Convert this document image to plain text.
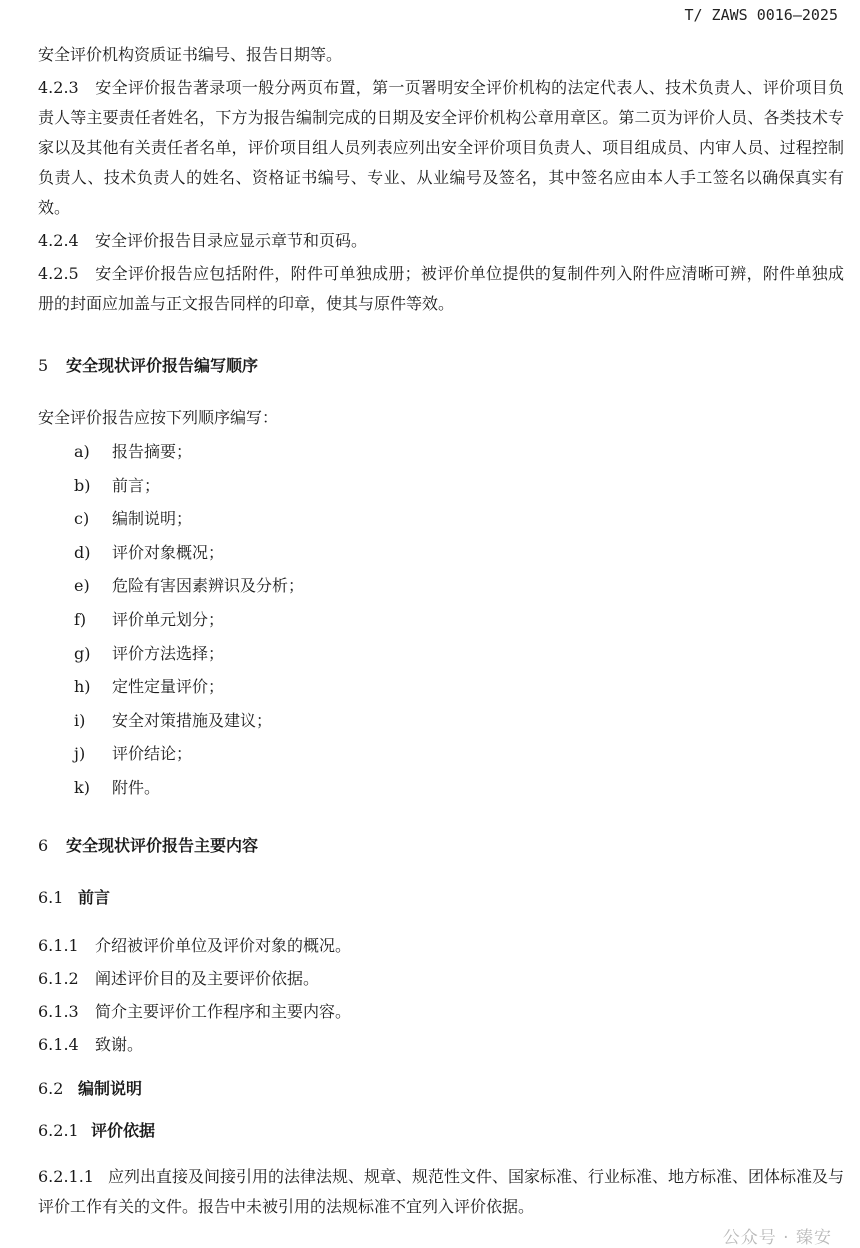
T/ ZAWS 0016—2025

安全评价机构资质证书编号、报告日期等。

4.2.3 安全评价报告著录项一般分两页布置，第一页署明安全评价机构的法定代表人、技术负责人、评价项目负责人等主要责任者姓名，下方为报告编制完成的日期及安全评价机构公章用章区。第二页为评价人员、各类技术专家以及其他有关责任者名单，评价项目组人员列表应列出安全评价项目负责人、项目组成员、内审人员、过程控制负责人、技术负责人的姓名、资格证书编号、专业、从业编号及签名，其中签名应由本人手工签名以确保真实有效。

4.2.4 安全评价报告目录应显示章节和页码。

4.2.5 安全评价报告应包括附件，附件可单独成册；被评价单位提供的复制件列入附件应清晰可辨，附件单独成册的封面应加盖与正文报告同样的印章，使其与原件等效。

5 安全现状评价报告编写顺序

安全评价报告应按下列顺序编写：

a) 报告摘要；
b) 前言；
c) 编制说明；
d) 评价对象概况；
e) 危险有害因素辨识及分析；
f) 评价单元划分；
g) 评价方法选择；
h) 定性定量评价；
i) 安全对策措施及建议；
j) 评价结论；
k) 附件。
6 安全现状评价报告主要内容
6.1 前言

6.1.1 介绍被评价单位及评价对象的概况。

6.1.2 阐述评价目的及主要评价依据。

6.1.3 简介主要评价工作程序和主要内容。

6.1.4 致谢。

6.2 编制说明
6.2.1 评价依据

6.2.1.1 应列出直接及间接引用的法律法规、规章、规范性文件、国家标准、行业标准、地方标准、团体标准及与评价工作有关的文件。报告中未被引用的法规标准不宜列入评价依据。

公众号 · 臻安
